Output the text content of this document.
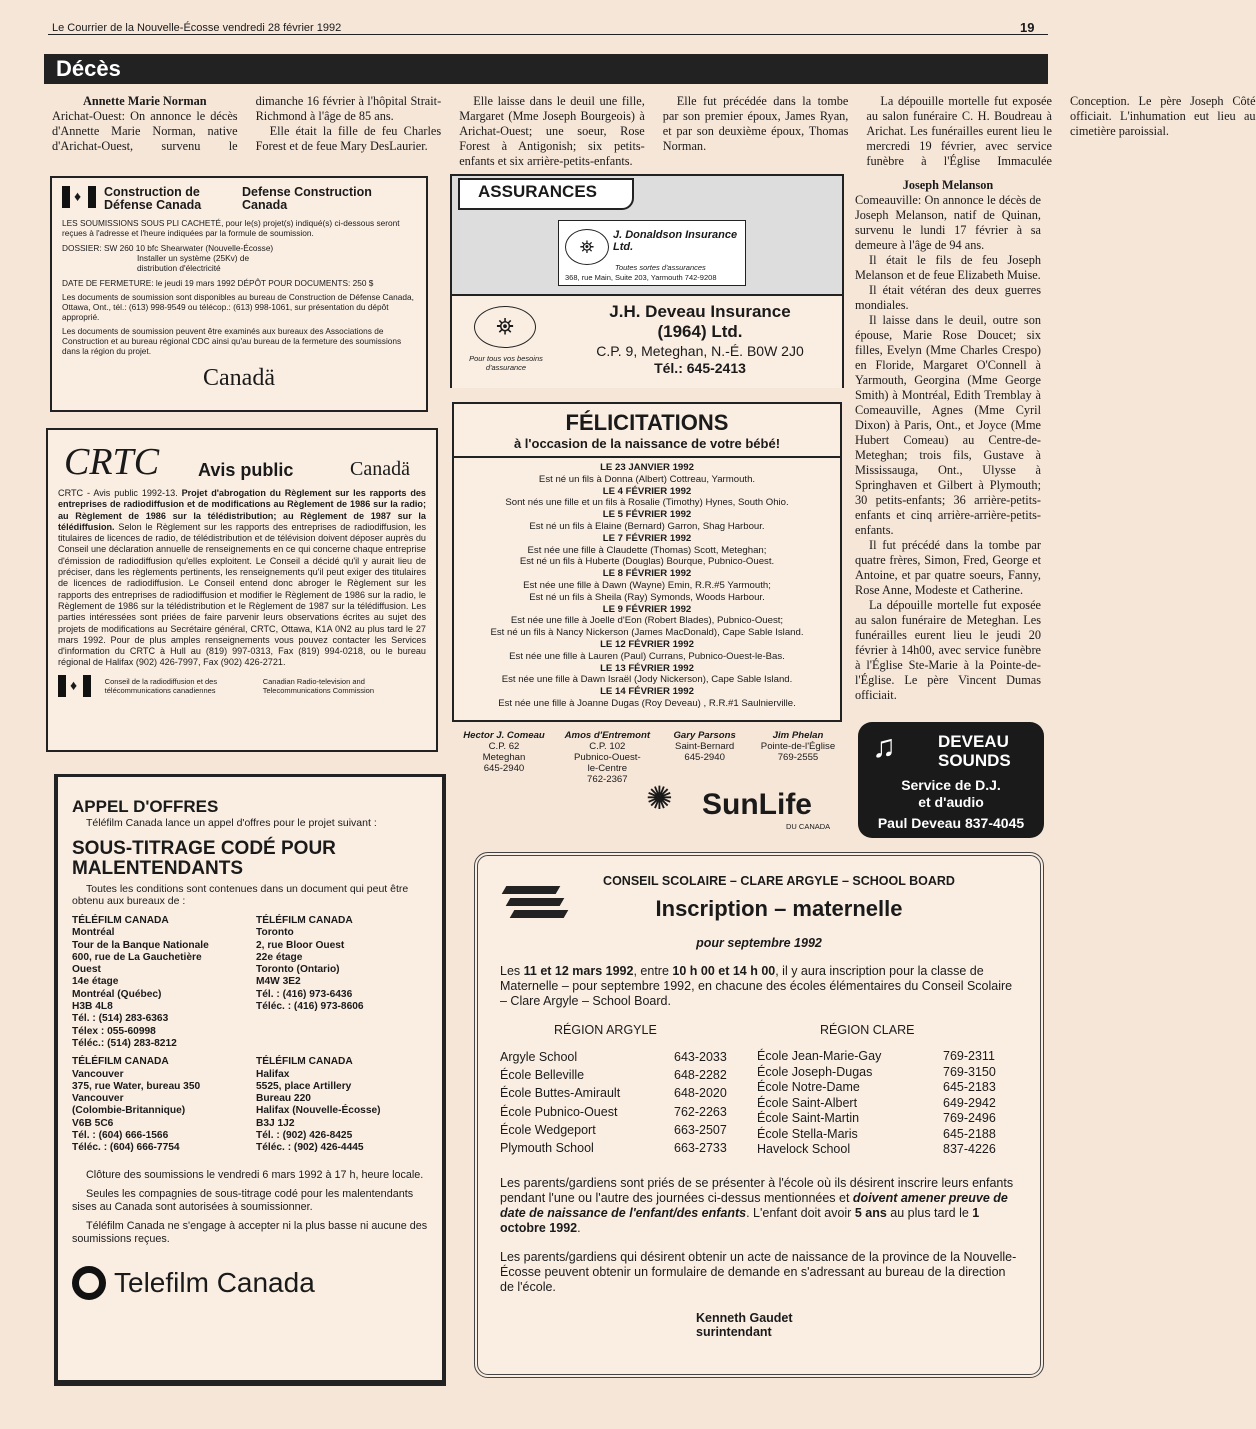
Le Courrier de la Nouvelle-Écosse vendredi 28 février 1992	19
Décès

Annette Marie Norman

Arichat-Ouest: On annonce le décès d'Annette Marie Norman, native d'Arichat-Ouest, survenu le dimanche 16 février à l'hôpital Strait-Richmond à l'âge de 85 ans.

Elle était la fille de feu Charles Forest et de feue Mary DesLaurier.

Elle laisse dans le deuil une fille, Margaret (Mme Joseph Bourgeois) à Arichat-Ouest; une soeur, Rose Forest à Antigonish; six petits-enfants et six arrière-petits-enfants.

Elle fut précédée dans la tombe par son premier époux, James Ryan, et par son deuxième époux, Thomas Norman.

La dépouille mortelle fut exposée au salon funéraire C. H. Boudreau à Arichat. Les funérailles eurent lieu le mercredi 19 février, avec service funèbre à l'Église Immaculée Conception. Le père Joseph Côté officiait. L'inhumation eut lieu au cimetière paroissial.

Joseph Melanson

Comeauville: On annonce le décès de Joseph Melanson, natif de Quinan, survenu le lundi 17 février à sa demeure à l'âge de 94 ans.

Il était le fils de feu Joseph Melanson et de feue Elizabeth Muise.

Il était vétéran des deux guerres mondiales.

Il laisse dans le deuil, outre son épouse, Marie Rose Doucet; six filles, Evelyn (Mme Charles Crespo) en Floride, Margaret O'Connell à Yarmouth, Georgina (Mme George Smith) à Montréal, Edith Tremblay à Comeauville, Agnes (Mme Cyril Dixon) à Paris, Ont., et Joyce (Mme Hubert Comeau) au Centre-de-Meteghan; trois fils, Gustave à Mississauga, Ont., Ulysse à Springhaven et Gilbert à Plymouth; 30 petits-enfants; 36 arrière-petits-enfants et cinq arrière-arrière-petits-enfants.

Il fut précédé dans la tombe par quatre frères, Simon, Fred, George et Antoine, et par quatre soeurs, Fanny, Rose Anne, Modeste et Catherine.

La dépouille mortelle fut exposée au salon funéraire de Meteghan. Les funérailles eurent lieu le jeudi 20 février à 14h00, avec service funèbre à l'Église Ste-Marie à la Pointe-de-l'Église. Le père Vincent Dumas officiait.

♦ Construction de Défense Canada
Defense Construction Canada
LES SOUMISSIONS SOUS PLI CACHETÉ, pour le(s) projet(s) indiqué(s) ci-dessous seront reçues à l'adresse et l'heure indiquées par la formule de soumission.
DOSSIER: SW 260 10 bfc Shearwater (Nouvelle-Écosse)
Installer un système (25Kv) de distribution d'électricité
DATE DE FERMETURE: le jeudi 19 mars 1992 DÉPÔT POUR DOCUMENTS: 250 $
Les documents de soumission sont disponibles au bureau de Construction de Défense Canada, Ottawa, Ont., tél.: (613) 998-9549 ou télécop.: (613) 998-1061, sur présentation du dépôt approprié.
Les documents de soumission peuvent être examinés aux bureaux des Associations de Construction et au bureau régional CDC ainsi qu'au bureau de la fermeture des soumissions dans la région du projet.
Canadä
CRTC Avis public	Canadä
CRTC - Avis public 1992-13. Projet d'abrogation du Règlement sur les rapports des entreprises de radiodiffusion et de modifications au Règlement de 1986 sur la radio; au Règlement de 1986 sur la télédistribution; au Règlement de 1987 sur la télédiffusion. Selon le Règlement sur les rapports des entreprises de radiodiffusion, les titulaires de licences de radio, de télédistribution et de télévision doivent déposer auprès du Conseil une déclaration annuelle de renseignements en ce qui concerne chaque entreprise d'émission de radiodiffusion qu'elles exploitent. Le Conseil a décidé qu'il y aurait lieu de préciser, dans les règlements pertinents, les renseignements qu'il peut exiger des titulaires de licences de radiodiffusion. Le Conseil entend donc abroger le Règlement sur les rapports des entreprises de radiodiffusion et modifier le Règlement de 1986 sur la radio, le Règlement de 1986 sur la télédistribution et le Règlement de 1987 sur la télédiffusion. Les parties intéressées sont priées de faire parvenir leurs observations écrites au sujet des projets de modifications au Secrétaire général, CRTC, Ottawa, K1A 0N2 au plus tard le 27 mars 1992. Pour de plus amples renseignements vous pouvez contacter les Services d'information du CRTC à Hull au (819) 997-0313, Fax (819) 994-0218, ou le bureau régional de Halifax (902) 426-7997, Fax (902) 426-2721.
♦	Conseil de la radiodiffusion et des télécommunications canadiennes
Canadian Radio-television and Telecommunications Commission
ASSURANCES
⛯
J. Donaldson Insurance Ltd.
Toutes sortes d'assurances
368, rue Main, Suite 203, Yarmouth 742-9208
⛯
Pour tous vos besoins d'assurance
J.H. Deveau Insurance
(1964) Ltd.
C.P. 9, Meteghan, N.-É. B0W 2J0
Tél.: 645-2413
FÉLICITATIONS
à l'occasion de la naissance de votre bébé!
LE 23 JANVIER 1992
Est né un fils à Donna (Albert) Cottreau, Yarmouth.
LE 4 FÉVRIER 1992
Sont nés une fille et un fils à Rosalie (Timothy) Hynes, South Ohio.
LE 5 FÉVRIER 1992
Est né un fils à Elaine (Bernard) Garron, Shag Harbour.
LE 7 FÉVRIER 1992
Est née une fille à Claudette (Thomas) Scott, Meteghan;
Est né un fils à Huberte (Douglas) Bourque, Pubnico-Ouest.
LE 8 FÉVRIER 1992
Est née une fille à Dawn (Wayne) Emin, R.R.#5 Yarmouth;
Est né un fils à Sheila (Ray) Symonds, Woods Harbour.
LE 9 FÉVRIER 1992
Est née une fille à Joelle d'Eon (Robert Blades), Pubnico-Ouest;
Est né un fils à Nancy Nickerson (James MacDonald), Cape Sable Island.
LE 12 FÉVRIER 1992
Est née une fille à Lauren (Paul) Currans, Pubnico-Ouest-le-Bas.
LE 13 FÉVRIER 1992
Est née une fille à Dawn Israël (Jody Nickerson), Cape Sable Island.
LE 14 FÉVRIER 1992
Est née une fille à Joanne Dugas (Roy Deveau) , R.R.#1 Saulnierville.
Hector J. Comeau
C.P. 62
Meteghan
645-2940
Amos d'Entremont
C.P. 102
Pubnico-Ouest-
le-Centre
762-2367
Gary Parsons
Saint-Bernard
645-2940
Jim Phelan
Pointe-de-l'Église
769-2555
✺ SunLife
DU CANADA
♫ DEVEAU
SOUNDS
Service de D.J.
et d'audio
Paul Deveau 837-4045
APPEL D'OFFRES
Téléfilm Canada lance un appel d'offres pour le projet suivant :
SOUS-TITRAGE CODÉ POUR MALENTENDANTS
Toutes les conditions sont contenues dans un document qui peut être obtenu aux bureaux de :
TÉLÉFILM CANADA
Montréal
Tour de la Banque Nationale
600, rue de La Gauchetière
Ouest
14e étage
Montréal (Québec)
H3B 4L8
Tél. : (514) 283-6363
Télex : 055-60998
Téléc.: (514) 283-8212
TÉLÉFILM CANADA
Toronto
2, rue Bloor Ouest
22e étage
Toronto (Ontario)
M4W 3E2
Tél. : (416) 973-6436
Téléc. : (416) 973-8606
TÉLÉFILM CANADA
Vancouver
375, rue Water, bureau 350
Vancouver
(Colombie-Britannique)
V6B 5C6
Tél. : (604) 666-1566
Téléc. : (604) 666-7754
TÉLÉFILM CANADA
Halifax
5525, place Artillery
Bureau 220
Halifax (Nouvelle-Écosse)
B3J 1J2
Tél. : (902) 426-8425
Téléc. : (902) 426-4445
Clôture des soumissions le vendredi 6 mars 1992 à 17 h, heure locale.
Seules les compagnies de sous-titrage codé pour les malentendants sises au Canada sont autorisées à soumissionner.
Téléfilm Canada ne s'engage à accepter ni la plus basse ni aucune des soumissions reçues.
Telefilm Canada
CONSEIL SCOLAIRE – CLARE ARGYLE – SCHOOL BOARD
Inscription – maternelle
pour septembre 1992
Les 11 et 12 mars 1992, entre 10 h 00 et 14 h 00, il y aura inscription pour la classe de Maternelle – pour septembre 1992, en chacune des écoles élémentaires du Conseil Scolaire – Clare Argyle – School Board.
RÉGION ARGYLE	RÉGION CLARE
Argyle School	643-2033
École Belleville	648-2282
École Buttes-Amirault	648-2020
École Pubnico-Ouest	762-2263
École Wedgeport	663-2507
Plymouth School	663-2733
École Jean-Marie-Gay	769-2311
École Joseph-Dugas	769-3150
École Notre-Dame	645-2183
École Saint-Albert	649-2942
École Saint-Martin	769-2496
École Stella-Maris	645-2188
Havelock School	837-4226
Les parents/gardiens sont priés de se présenter à l'école où ils désirent inscrire leurs enfants pendant l'une ou l'autre des journées ci-dessus mentionnées et doivent amener preuve de date de naissance de l'enfant/des enfants. L'enfant doit avoir 5 ans au plus tard le 1 octobre 1992.
Les parents/gardiens qui désirent obtenir un acte de naissance de la province de la Nouvelle-Écosse peuvent obtenir un formulaire de demande en s'adressant au bureau de la direction de l'école.
Kenneth Gaudet
surintendant
